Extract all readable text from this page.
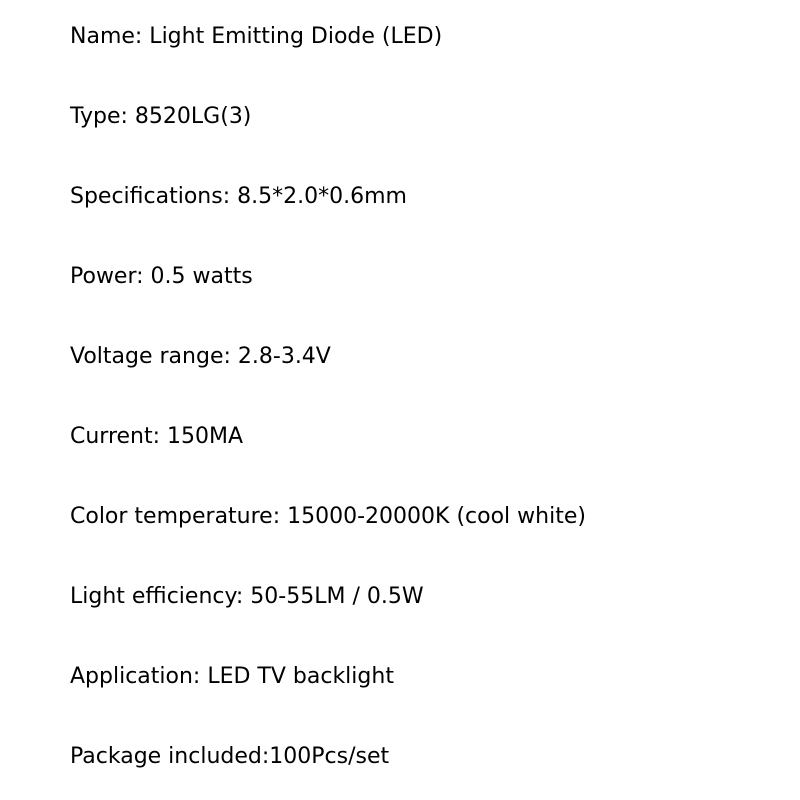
Name: Light Emitting Diode (LED)
Type: 8520LG(3)
Specifications: 8.5*2.0*0.6mm
Power: 0.5 watts
Voltage range: 2.8-3.4V
Current: 150MA
Color temperature: 15000-20000K (cool white)
Light efficiency: 50-55LM / 0.5W
Application: LED TV backlight
Package included:100Pcs/set
